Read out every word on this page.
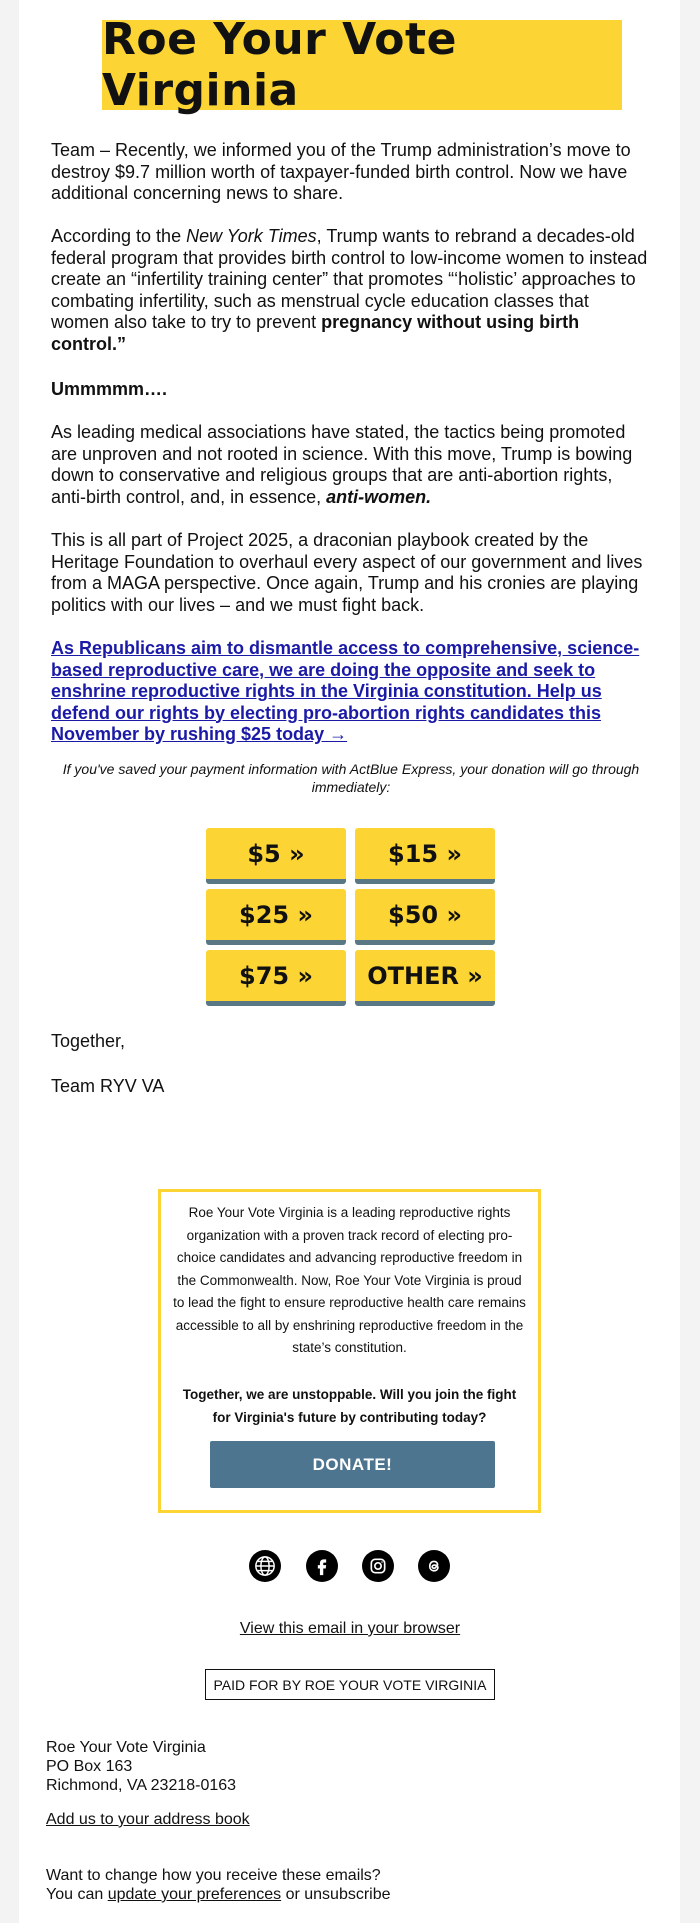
Roe Your Vote Virginia

Team – Recently, we informed you of the Trump administration’s move to destroy $9.7 million worth of taxpayer-funded birth control. Now we have additional concerning news to share.

According to the New York Times, Trump wants to rebrand a decades-old federal program that provides birth control to low-income women to instead create an “infertility training center” that promotes “‘holistic’ approaches to combating infertility, such as menstrual cycle education classes that women also take to try to prevent pregnancy without using birth control.”

Ummmmm….

As leading medical associations have stated, the tactics being promoted are unproven and not rooted in science. With this move, Trump is bowing down to conservative and religious groups that are anti-abortion rights, anti-birth control, and, in essence, anti-women.

This is all part of Project 2025, a draconian playbook created by the Heritage Foundation to overhaul every aspect of our government and lives from a MAGA perspective. Once again, Trump and his cronies are playing politics with our lives – and we must fight back.

As Republicans aim to dismantle access to comprehensive, science-based reproductive care, we are doing the opposite and seek to enshrine reproductive rights in the Virginia constitution. Help us defend our rights by electing pro-abortion rights candidates this November by rushing $25 today →

If you've saved your payment information with ActBlue Express, your donation will go through immediately:

$5 »	$15 »
$25 »	$50 »
$75 »	OTHER »
Together,
Team RYV VA

Roe Your Vote Virginia is a leading reproductive rights organization with a proven track record of electing pro-choice candidates and advancing reproductive freedom in the Commonwealth. Now, Roe Your Vote Virginia is proud to lead the fight to ensure reproductive health care remains accessible to all by enshrining reproductive freedom in the state’s constitution.

Together, we are unstoppable. Will you join the fight for Virginia's future by contributing today?

DONATE!
View this email in your browser
PAID FOR BY ROE YOUR VOTE VIRGINIA

Roe Your Vote Virginia
PO Box 163
Richmond, VA 23218-0163

Add us to your address book

Want to change how you receive these emails?
You can update your preferences or unsubscribe
